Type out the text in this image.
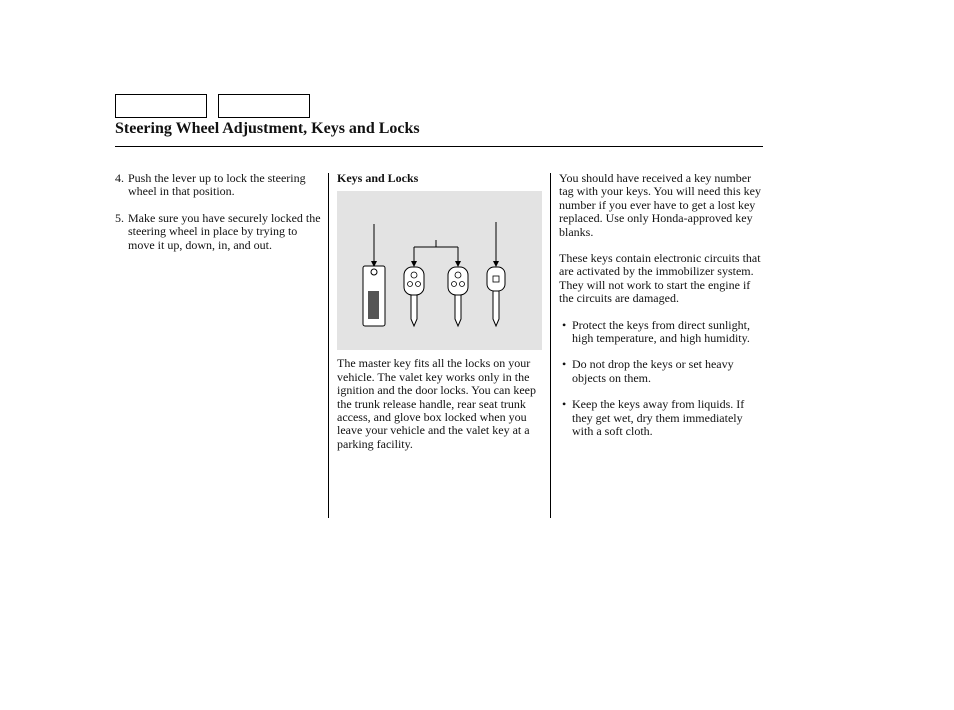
Steering Wheel Adjustment, Keys and Locks
4. Push the lever up to lock the steering wheel in that position.
5. Make sure you have securely locked the steering wheel in place by trying to move it up, down, in, and out.
Keys and Locks
The master key fits all the locks on your vehicle. The valet key works only in the ignition and the door locks. You can keep the trunk release handle, rear seat trunk access, and glove box locked when you leave your vehicle and the valet key at a parking facility.
You should have received a key number tag with your keys. You will need this key number if you ever have to get a lost key replaced. Use only Honda-approved key blanks.
These keys contain electronic circuits that are activated by the immobilizer system. They will not work to start the engine if the circuits are damaged.
• Protect the keys from direct sunlight, high temperature, and high humidity.
• Do not drop the keys or set heavy objects on them.
• Keep the keys away from liquids. If they get wet, dry them immediately with a soft cloth.
